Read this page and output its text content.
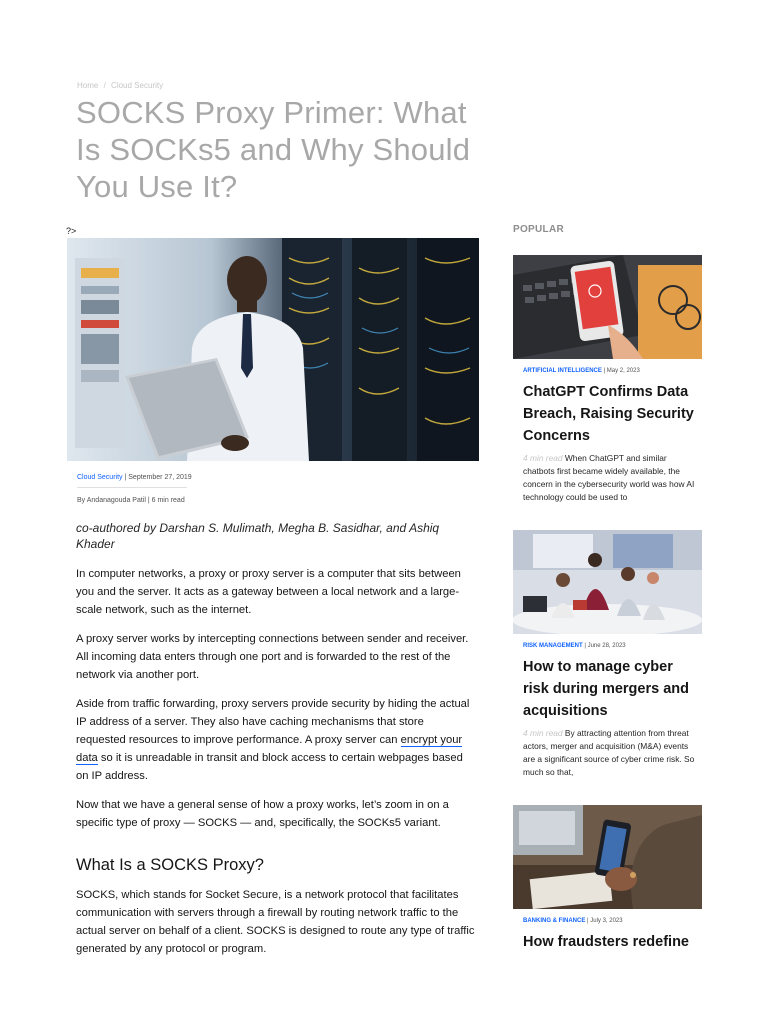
Home / Cloud Security
SOCKS Proxy Primer: What Is SOCKs5 and Why Should You Use It?
?>
Cloud Security | September 27, 2019
By Andanagouda Patil | 6 min read
co-authored by Darshan S. Mulimath, Megha B. Sasidhar, and Ashiq Khader

In computer networks, a proxy or proxy server is a computer that sits between you and the server. It acts as a gateway between a local network and a large-scale network, such as the internet.

A proxy server works by intercepting connections between sender and receiver. All incoming data enters through one port and is forwarded to the rest of the network via another port.

Aside from traffic forwarding, proxy servers provide security by hiding the actual IP address of a server. They also have caching mechanisms that store requested resources to improve performance. A proxy server can encrypt your data so it is unreadable in transit and block access to certain webpages based on IP address.

Now that we have a general sense of how a proxy works, let’s zoom in on a specific type of proxy — SOCKS — and, specifically, the SOCKs5 variant.

What Is a SOCKS Proxy?

SOCKS, which stands for Socket Secure, is a network protocol that facilitates communication with servers through a firewall by routing network traffic to the actual server on behalf of a client. SOCKS is designed to route any type of traffic generated by any protocol or program.

POPULAR
ARTIFICIAL INTELLIGENCE | May 2, 2023
ChatGPT Confirms Data Breach, Raising Security Concerns
4 min read When ChatGPT and similar chatbots first became widely available, the concern in the cybersecurity world was how AI technology could be used to
RISK MANAGEMENT | June 28, 2023
How to manage cyber risk during mergers and acquisitions
4 min read By attracting attention from threat actors, merger and acquisition (M&A) events are a significant source of cyber crime risk. So much so that,
BANKING & FINANCE | July 3, 2023
How fraudsters redefine
